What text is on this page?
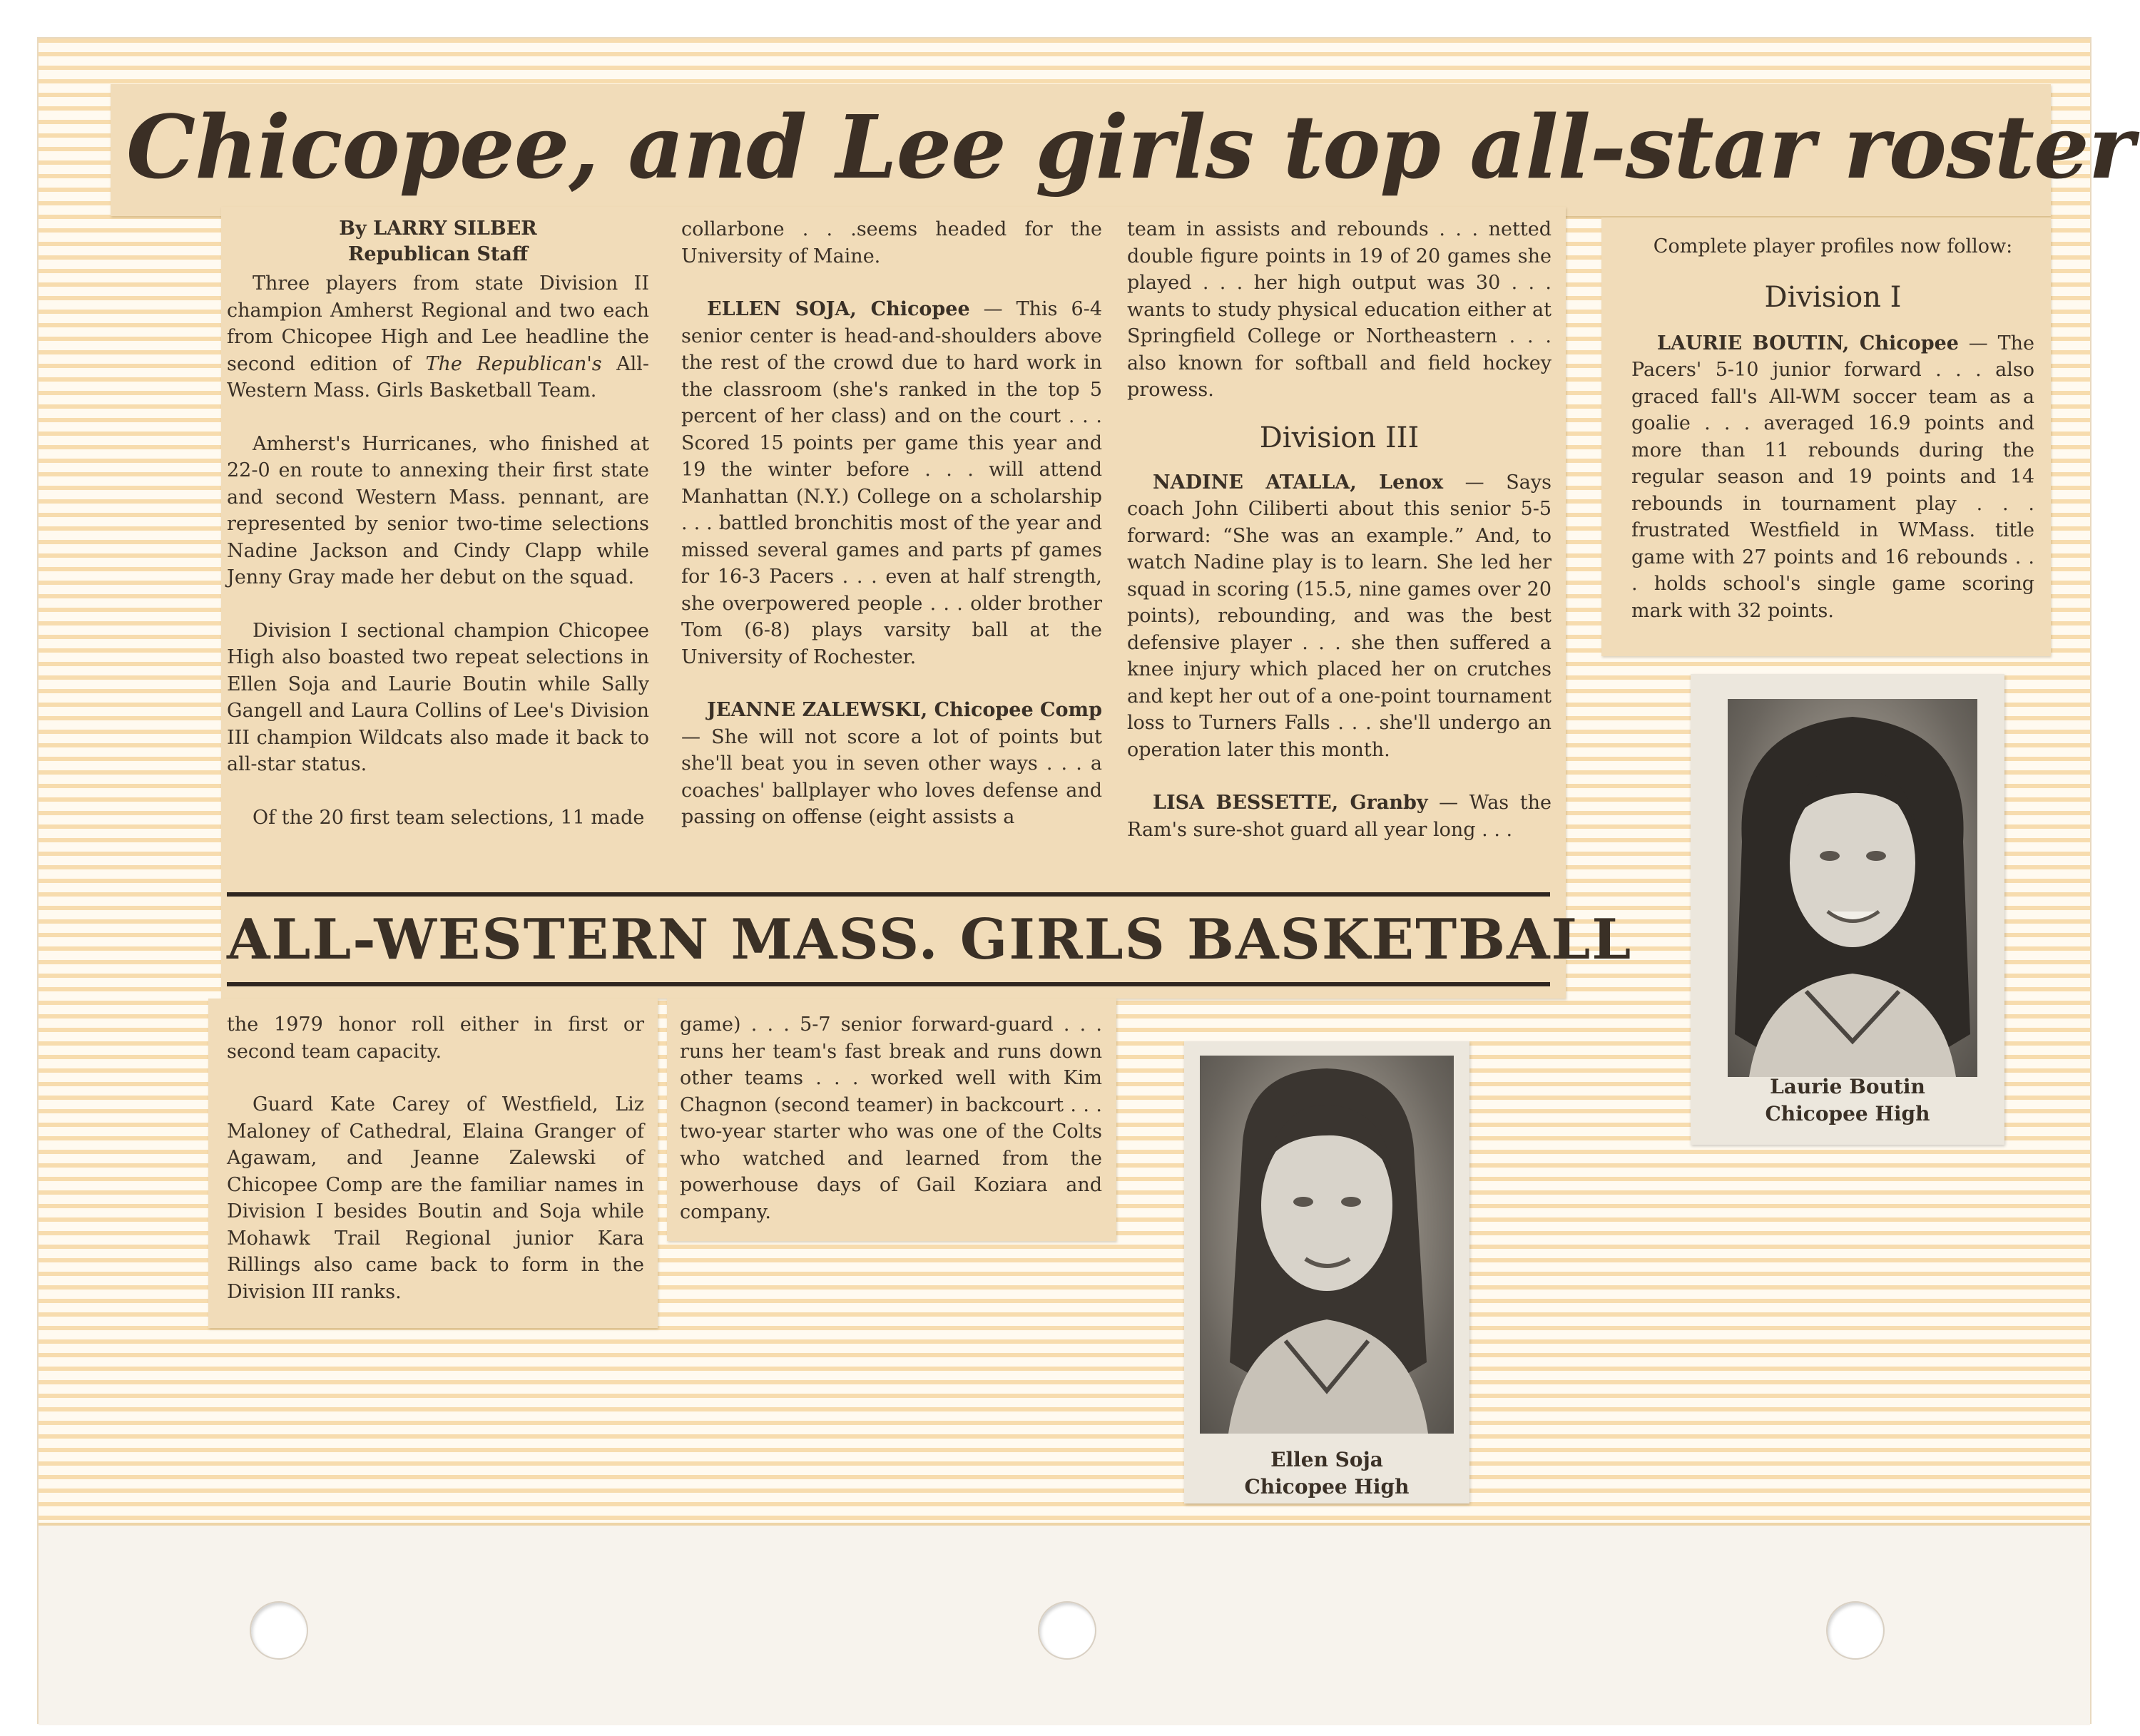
Chicopee, and Lee girls top all-star roster
By LARRY SILBER
Republican Staff

Three players from state Division II champion Amherst Regional and two each from Chicopee High and Lee headline the second edition of The Republican's All-Western Mass. Girls Basketball Team.

Amherst's Hurricanes, who finished at 22-0 en route to annexing their first state and second Western Mass. pennant, are represented by senior two-time selections Nadine Jackson and Cindy Clapp while Jenny Gray made her debut on the squad.

Division I sectional champion Chicopee High also boasted two repeat selections in Ellen Soja and Laurie Boutin while Sally Gangell and Laura Collins of Lee's Division III champion Wildcats also made it back to all-star status.

Of the 20 first team selections, 11 made

collarbone . . .seems headed for the University of Maine.

ELLEN SOJA, Chicopee — This 6-4 senior center is head-and-shoulders above the rest of the crowd due to hard work in the classroom (she's ranked in the top 5 percent of her class) and on the court . . . Scored 15 points per game this year and 19 the winter before . . . will attend Manhattan (N.Y.) College on a scholarship . . . battled bronchitis most of the year and missed several games and parts pf games for 16-3 Pacers . . . even at half strength, she overpowered people . . . older brother Tom (6-8) plays varsity ball at the University of Rochester.

JEANNE ZALEWSKI, Chicopee Comp — She will not score a lot of points but she'll beat you in seven other ways . . . a coaches' ballplayer who loves defense and passing on offense (eight assists a

team in assists and rebounds . . . netted double figure points in 19 of 20 games she played . . . her high output was 30 . . . wants to study physical education either at Springfield College or Northeastern . . . also known for softball and field hockey prowess.

Division III

NADINE ATALLA, Lenox — Says coach John Ciliberti about this senior 5-5 forward: “She was an example.” And, to watch Nadine play is to learn. She led her squad in scoring (15.5, nine games over 20 points), rebounding, and was the best defensive player . . . she then suffered a knee injury which placed her on crutches and kept her out of a one-point tournament loss to Turners Falls . . . she'll undergo an operation later this month.

LISA BESSETTE, Granby — Was the Ram's sure-shot guard all year long . . .

Complete player profiles now follow:
Division I

LAURIE BOUTIN, Chicopee — The Pacers' 5-10 junior forward . . . also graced fall's All-WM soccer team as a goalie . . . averaged 16.9 points and more than 11 rebounds during the regular season and 19 points and 14 rebounds in tournament play . . . frustrated Westfield in WMass. title game with 27 points and 16 rebounds . . . holds school's single game scoring mark with 32 points.

ALL-WESTERN MASS. GIRLS BASKETBALL

the 1979 honor roll either in first or second team capacity.

Guard Kate Carey of Westfield, Liz Maloney of Cathedral, Elaina Granger of Agawam, and Jeanne Zalewski of Chicopee Comp are the familiar names in Division I besides Boutin and Soja while Mohawk Trail Regional junior Kara Rillings also came back to form in the Division III ranks.

game) . . . 5-7 senior forward-guard . . . runs her team's fast break and runs down other teams . . . worked well with Kim Chagnon (second teamer) in backcourt . . . two-year starter who was one of the Colts who watched and learned from the powerhouse days of Gail Koziara and company.

Ellen Soja
Chicopee High
Laurie Boutin
Chicopee High
